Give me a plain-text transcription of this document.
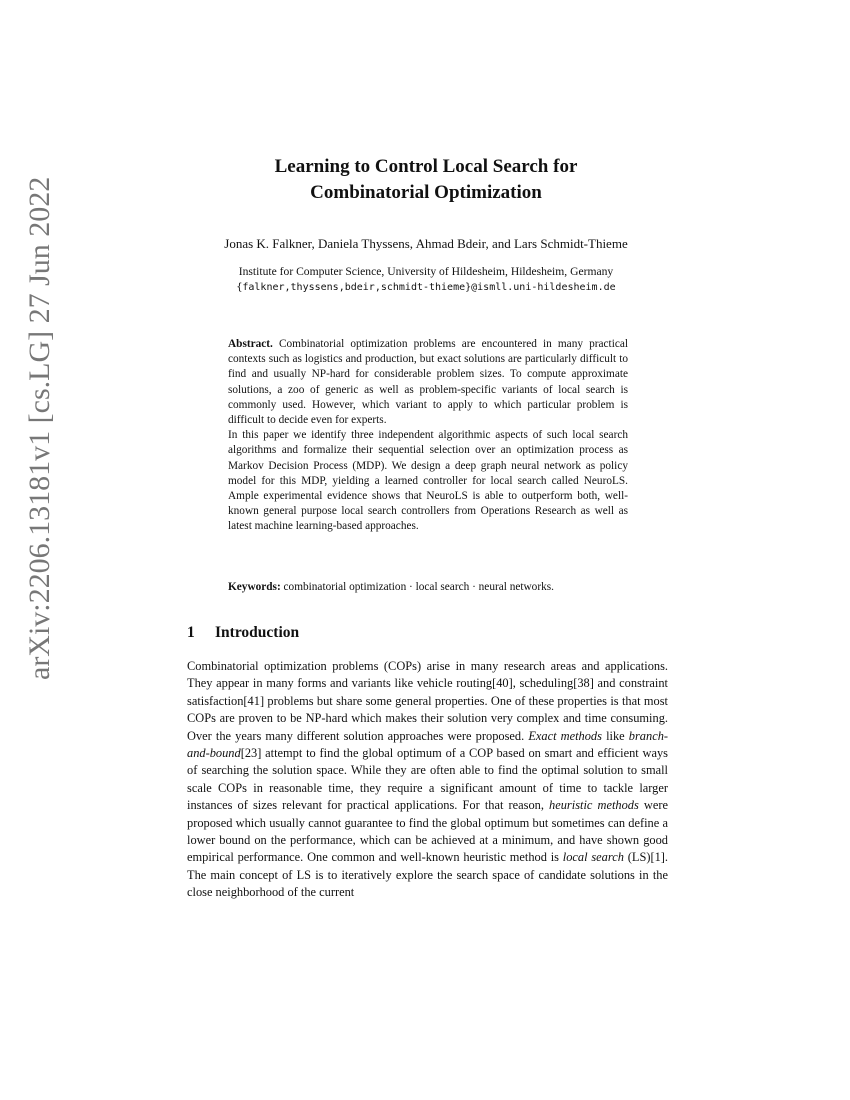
arXiv:2206.13181v1 [cs.LG] 27 Jun 2022
Learning to Control Local Search for
Combinatorial Optimization
Jonas K. Falkner, Daniela Thyssens, Ahmad Bdeir, and Lars Schmidt-Thieme
Institute for Computer Science, University of Hildesheim, Hildesheim, Germany
{falkner,thyssens,bdeir,schmidt-thieme}@ismll.uni-hildesheim.de

Abstract. Combinatorial optimization problems are encountered in many practical contexts such as logistics and production, but exact solutions are particularly difficult to find and usually NP-hard for considerable problem sizes. To compute approximate solutions, a zoo of generic as well as problem-specific variants of local search is commonly used. However, which variant to apply to which particular problem is difficult to decide even for experts.

In this paper we identify three independent algorithmic aspects of such local search algorithms and formalize their sequential selection over an optimization process as Markov Decision Process (MDP). We design a deep graph neural network as policy model for this MDP, yielding a learned controller for local search called NeuroLS. Ample experimental evidence shows that NeuroLS is able to outperform both, well-known general purpose local search controllers from Operations Research as well as latest machine learning-based approaches.

Keywords: combinatorial optimization · local search · neural networks.
1 Introduction
Combinatorial optimization problems (COPs) arise in many research areas and applications. They appear in many forms and variants like vehicle routing[40], scheduling[38] and constraint satisfaction[41] problems but share some general properties. One of these properties is that most COPs are proven to be NP-hard which makes their solution very complex and time consuming. Over the years many different solution approaches were proposed. Exact methods like branch-and-bound[23] attempt to find the global optimum of a COP based on smart and efficient ways of searching the solution space. While they are often able to find the optimal solution to small scale COPs in reasonable time, they require a significant amount of time to tackle larger instances of sizes relevant for practical applications. For that reason, heuristic methods were proposed which usually cannot guarantee to find the global optimum but sometimes can define a lower bound on the performance, which can be achieved at a minimum, and have shown good empirical performance. One common and well-known heuristic method is local search (LS)[1]. The main concept of LS is to iteratively explore the search space of candidate solutions in the close neighborhood of the current
